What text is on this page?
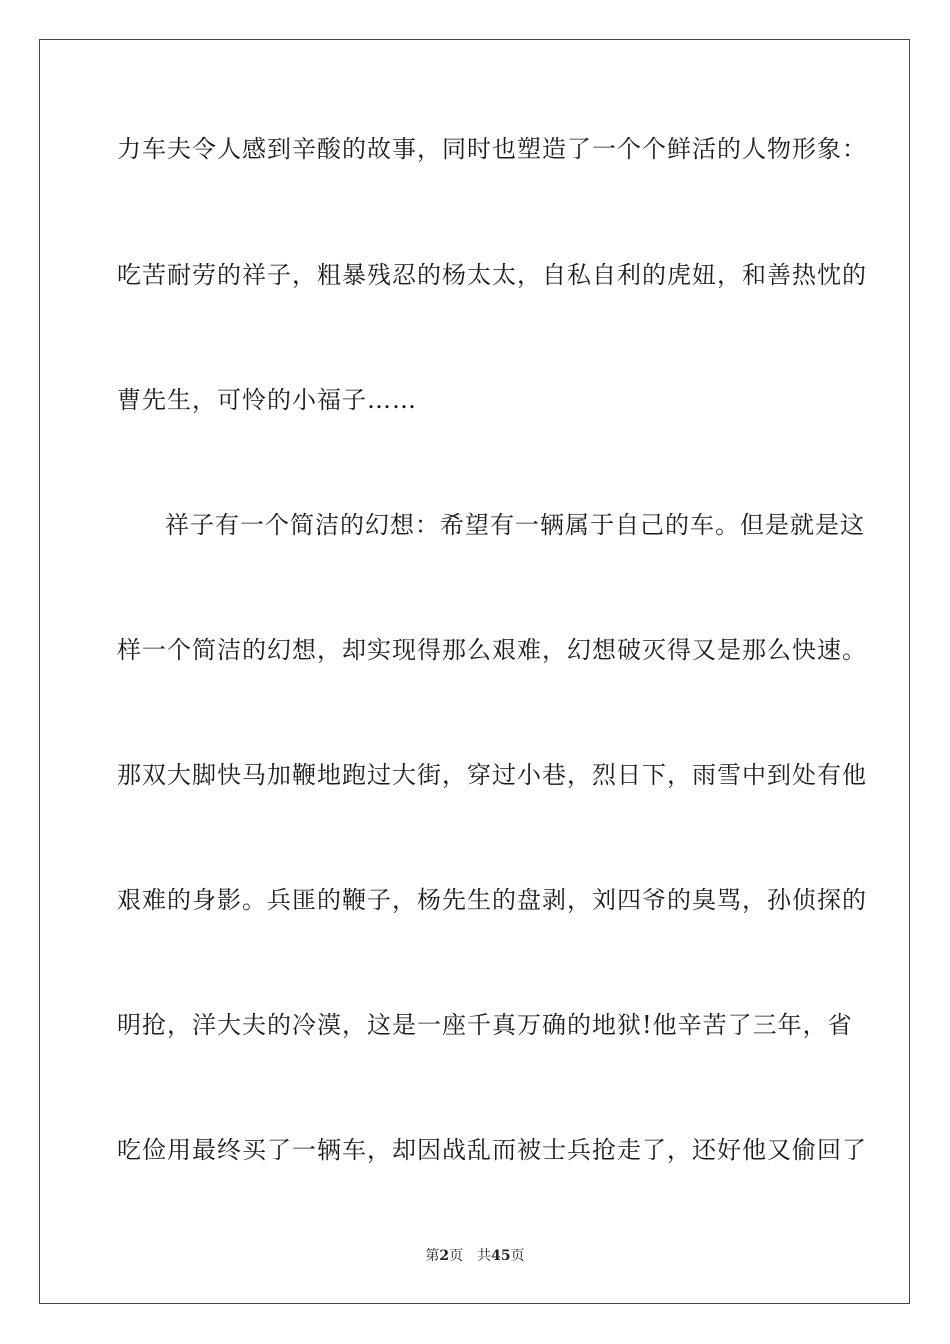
力车夫令人感到辛酸的故事，同时也塑造了一个个鲜活的人物形象：
吃苦耐劳的祥子，粗暴残忍的杨太太，自私自利的虎妞，和善热忱的
曹先生，可怜的小福子……
祥子有一个简洁的幻想：希望有一辆属于自己的车。但是就是这
样一个简洁的幻想，却实现得那么艰难，幻想破灭得又是那么快速。
那双大脚快马加鞭地跑过大街，穿过小巷，烈日下，雨雪中到处有他
艰难的身影。兵匪的鞭子，杨先生的盘剥，刘四爷的臭骂，孙侦探的
明抢，洋大夫的冷漠，这是一座千真万确的地狱!他辛苦了三年，省
吃俭用最终买了一辆车，却因战乱而被士兵抢走了，还好他又偷回了
第2页 共45页
